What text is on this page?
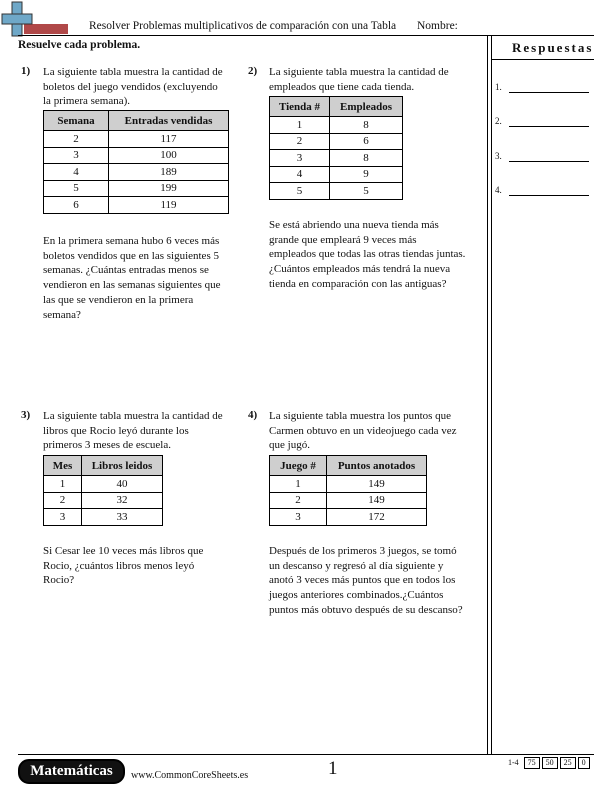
Resolver Problemas multiplicativos de comparación con una Tabla Nombre:
Resuelve cada problema.	Respuestas
1.
2.
3.
4.
1) La siguiente tabla muestra la cantidad de
boletos del juego vendidos (excluyendo
la primera semana).
Semana	Entradas vendidas
2	117
3	100
4	189
5	199
6	119
En la primera semana hubo 6 veces más
boletos vendidos que en las siguientes 5
semanas. ¿Cuántas entradas menos se
vendieron en las semanas siguientes que
las que se vendieron en la primera
semana?
2) La siguiente tabla muestra la cantidad de
empleados que tiene cada tienda.
Tienda #	Empleados
1	8
2	6
3	8
4	9
5	5
Se está abriendo una nueva tienda más
grande que empleará 9 veces más
empleados que todas las otras tiendas juntas.
¿Cuántos empleados más tendrá la nueva
tienda en comparación con las antiguas?
3) La siguiente tabla muestra la cantidad de
libros que Rocio leyó durante los
primeros 3 meses de escuela.
Mes	Libros leidos
1	40
2	32
3	33
Si Cesar lee 10 veces más libros que
Rocio, ¿cuántos libros menos leyó
Rocio?
4) La siguiente tabla muestra los puntos que
Carmen obtuvo en un videojuego cada vez
que jugó.
Juego #	Puntos anotados
1	149
2	149
3	172
Después de los primeros 3 juegos, se tomó
un descanso y regresó al día siguiente y
anotó 3 veces más puntos que en todos los
juegos anteriores combinados.¿Cuántos
puntos más obtuvo después de su descanso?
Matemáticas	www.CommonCoreSheets.es	1	1-4 75 50 25 0
